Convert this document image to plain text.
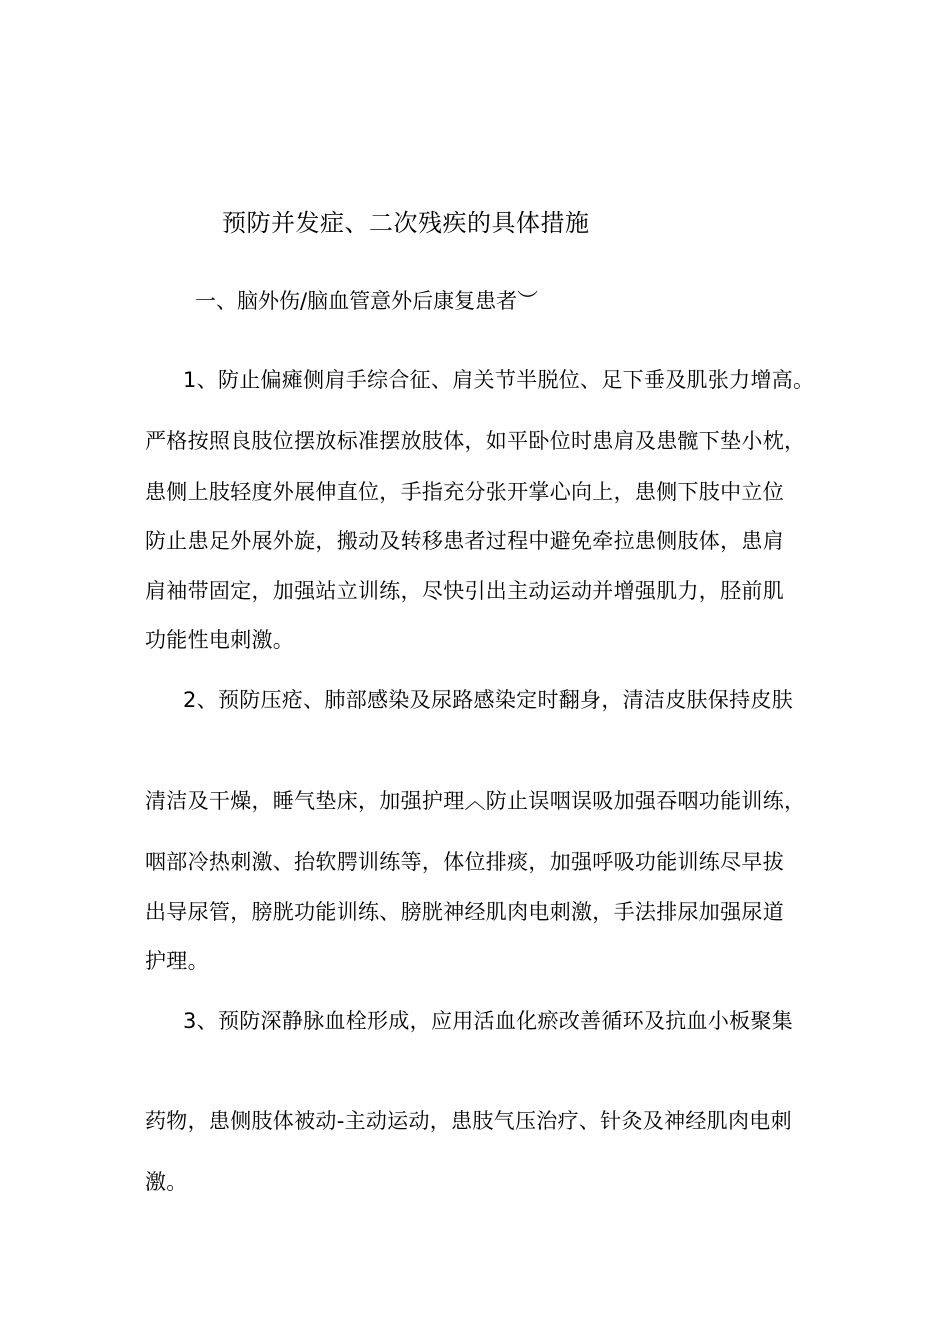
预防并发症、二次残疾的具体措施
一、脑外伤/脑血管意外后康复患者︶
1、防止偏瘫侧肩手综合征、肩关节半脱位、足下垂及肌张力增高。
严格按照良肢位摆放标准摆放肢体，如平卧位时患肩及患髋下垫小枕，
患侧上肢轻度外展伸直位，手指充分张开掌心向上，患侧下肢中立位
防止患足外展外旋，搬动及转移患者过程中避免牵拉患侧肢体，患肩
肩袖带固定，加强站立训练，尽快引出主动运动并增强肌力，胫前肌
功能性电刺激。
2、预防压疮、肺部感染及尿路感染定时翻身，清洁皮肤保持皮肤
清洁及干燥，睡气垫床，加强护理︿防止误咽误吸加强吞咽功能训练，
咽部冷热刺激、抬软腭训练等，体位排痰，加强呼吸功能训练尽早拔
出导尿管，膀胱功能训练、膀胱神经肌肉电刺激，手法排尿加强尿道
护理。
3、预防深静脉血栓形成，应用活血化瘀改善循环及抗血小板聚集
药物，患侧肢体被动-主动运动，患肢气压治疗、针灸及神经肌肉电刺
激。
